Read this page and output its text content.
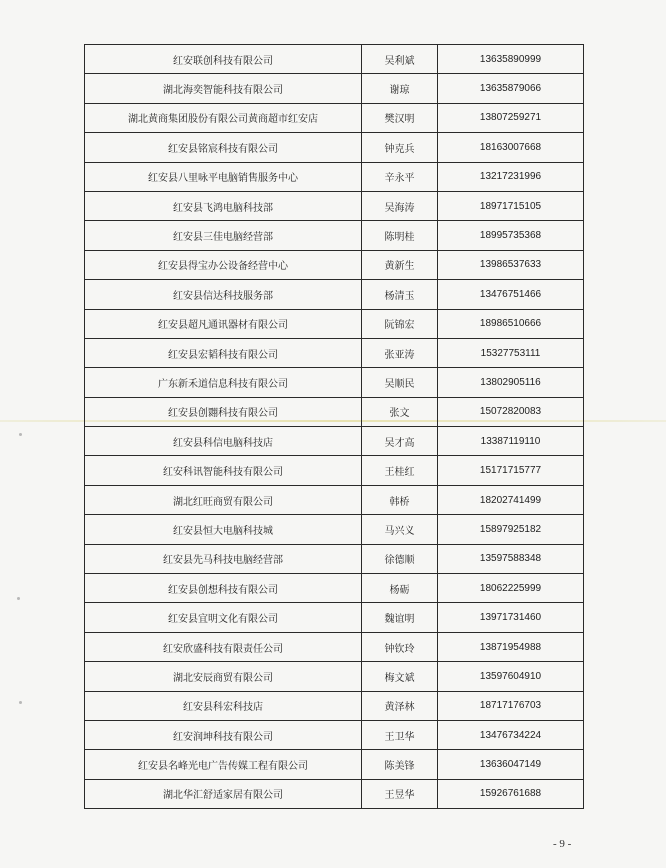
红安联创科技有限公司	吴利斌	13635890999
湖北海奕智能科技有限公司	谢琼	13635879066
湖北黄商集团股份有限公司黄商超市红安店	樊汉明	13807259271
红安县铭宸科技有限公司	钟克兵	18163007668
红安县八里咏平电脑销售服务中心	辛永平	13217231996
红安县飞鸿电脑科技部	吴海涛	18971715105
红安县三佳电脑经营部	陈明桂	18995735368
红安县得宝办公设备经营中心	黄新生	13986537633
红安县信达科技服务部	杨清玉	13476751466
红安县超凡通讯器材有限公司	阮锦宏	18986510666
红安县宏韬科技有限公司	张亚涛	15327753111
广东新禾道信息科技有限公司	吴顺民	13802905116
红安县创翾科技有限公司	张文	15072820083
红安县科信电脑科技店	吴才高	13387119110
红安科讯智能科技有限公司	王桂红	15171715777
湖北红旺商贸有限公司	韩桥	18202741499
红安县恒大电脑科技城	马兴义	15897925182
红安县先马科技电脑经营部	徐德顺	13597588348
红安县创想科技有限公司	杨砺	18062225999
红安县宜明文化有限公司	魏谊明	13971731460
红安欣盛科技有限责任公司	钟钦玲	13871954988
湖北安辰商贸有限公司	梅文斌	13597604910
红安县科宏科技店	黄泽林	18717176703
红安润坤科技有限公司	王卫华	13476734224
红安县名峰光电广告传媒工程有限公司	陈美锋	13636047149
湖北华汇舒适家居有限公司	王昱华	15926761688
- 9 -
